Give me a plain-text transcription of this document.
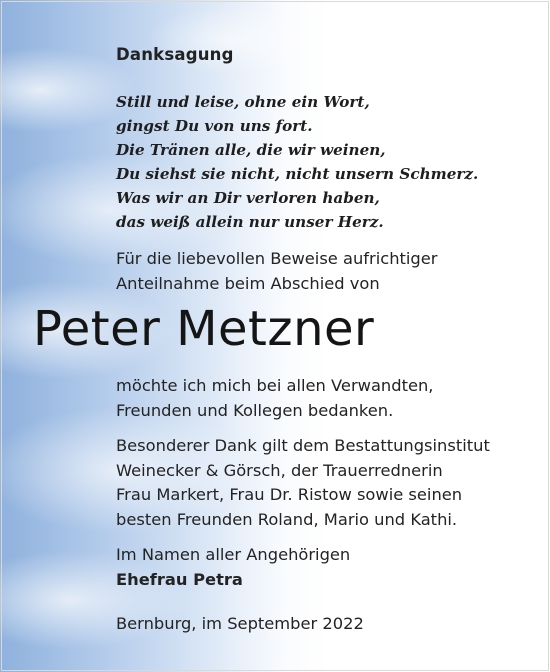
Danksagung
Still und leise, ohne ein Wort,
gingst Du von uns fort.
Die Tränen alle, die wir weinen,
Du siehst sie nicht, nicht unsern Schmerz.
Was wir an Dir verloren haben,
das weiß allein nur unser Herz.

Für die liebevollen Beweise aufrichtiger
Anteilnahme beim Abschied von

Peter Metzner

möchte ich mich bei allen Verwandten,
Freunden und Kollegen bedanken.

Besonderer Dank gilt dem Bestattungsinstitut
Weinecker & Görsch, der Trauerrednerin
Frau Markert, Frau Dr. Ristow sowie seinen
besten Freunden Roland, Mario und Kathi.

Im Namen aller Angehörigen
Ehefrau Petra

Bernburg, im September 2022
